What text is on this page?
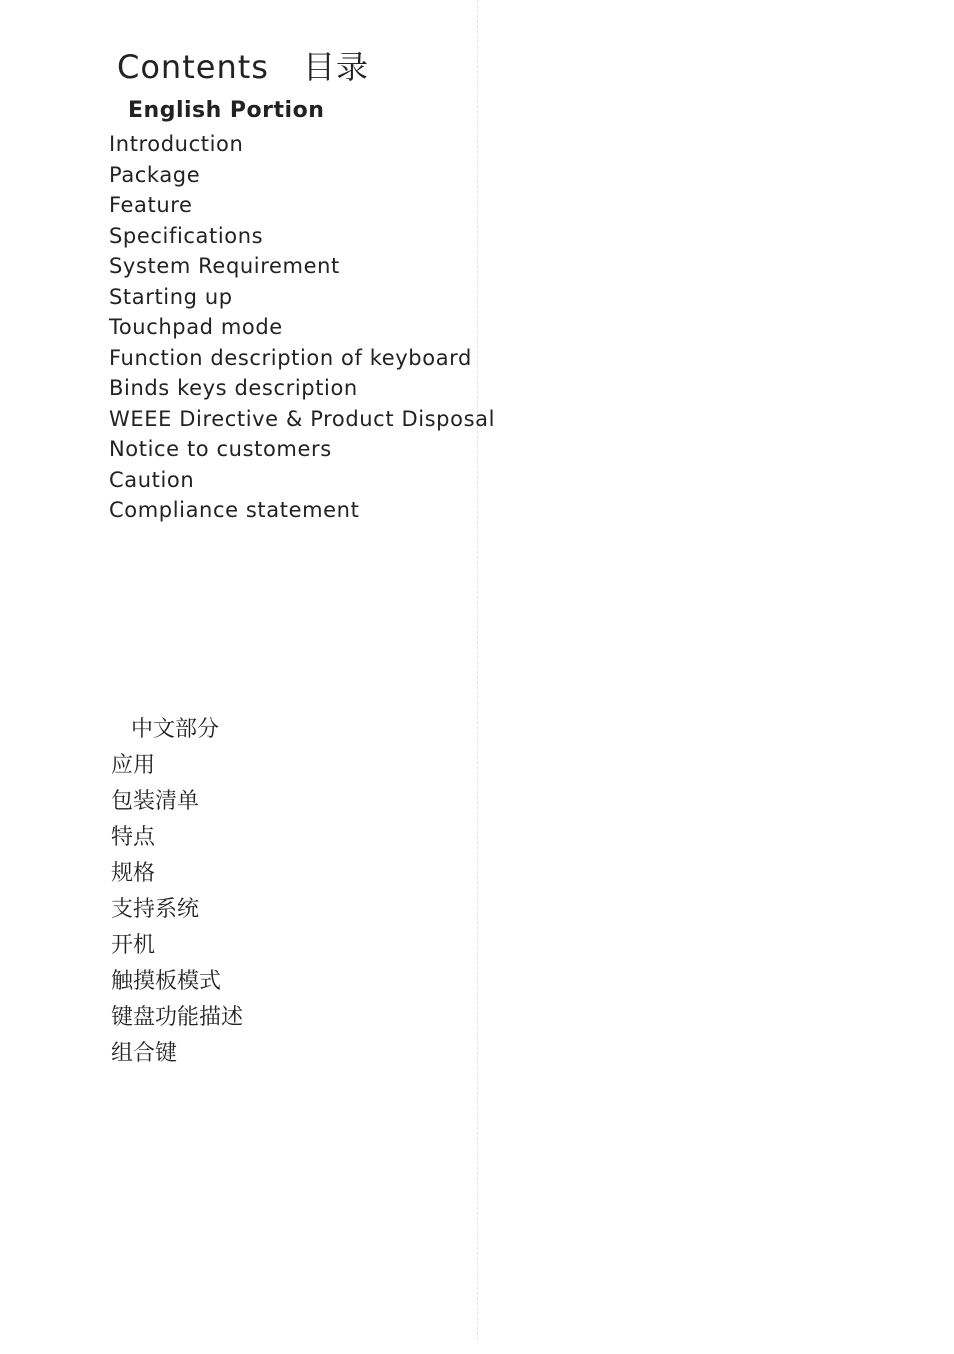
Contents 目录
English Portion
Introduction
Package
Feature
Specifications
System Requirement
Starting up
Touchpad mode
Function description of keyboard
Binds keys description
WEEE Directive & Product Disposal
Notice to customers
Caution
Compliance statement
中文部分
应用
包装清单
特点
规格
支持系统
开机
触摸板模式
键盘功能描述
组合键
